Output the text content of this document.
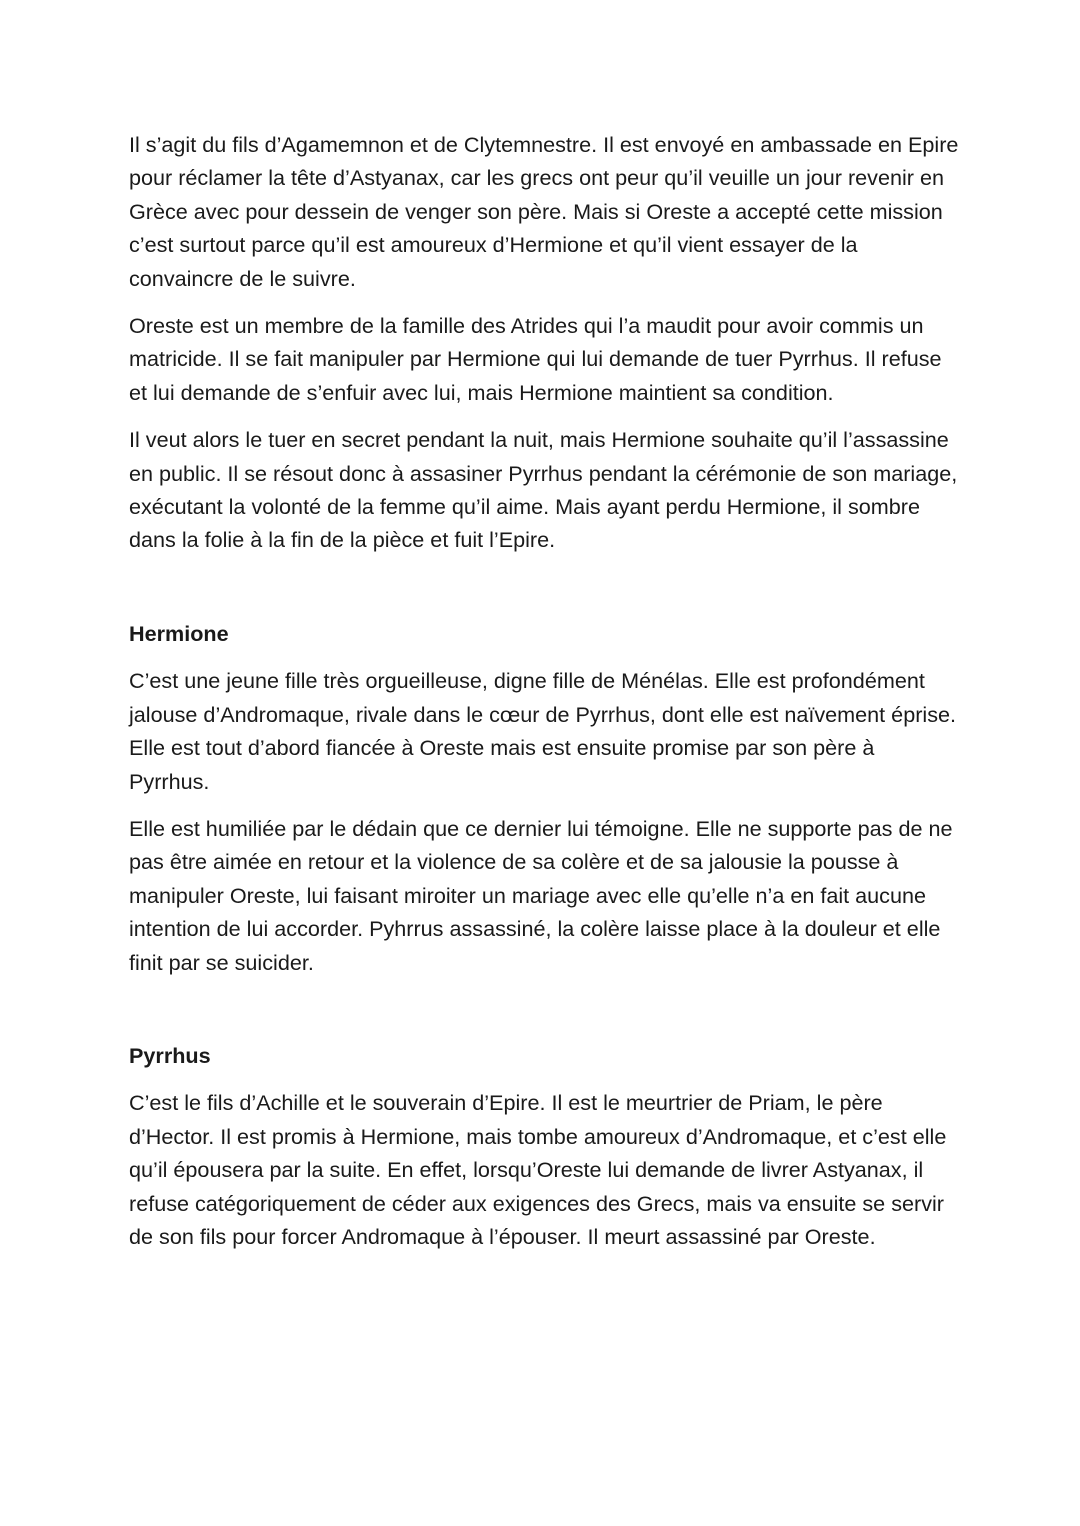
Il s’agit du fils d’Agamemnon et de Clytemnestre. Il est envoyé en ambassade en Epire pour réclamer la tête d’Astyanax, car les grecs ont peur qu’il veuille un jour revenir en Grèce avec pour dessein de venger son père. Mais si Oreste a accepté cette mission c’est surtout parce qu’il est amoureux d’Hermione et qu’il vient essayer de la convaincre de le suivre.

Oreste est un membre de la famille des Atrides qui l’a maudit pour avoir commis un matricide. Il se fait manipuler par Hermione qui lui demande de tuer Pyrrhus. Il refuse et lui demande de s’enfuir avec lui, mais Hermione maintient sa condition.

Il veut alors le tuer en secret pendant la nuit, mais Hermione souhaite qu’il l’assassine en public. Il se résout donc à assasiner Pyrrhus pendant la cérémonie de son mariage, exécutant la volonté de la femme qu’il aime. Mais ayant perdu Hermione, il sombre dans la folie à la fin de la pièce et fuit l’Epire.

Hermione

C’est une jeune fille très orgueilleuse, digne fille de Ménélas. Elle est profondément jalouse d’Andromaque, rivale dans le cœur de Pyrrhus, dont elle est naïvement éprise. Elle est tout d’abord fiancée à Oreste mais est ensuite promise par son père à Pyrrhus.

Elle est humiliée par le dédain que ce dernier lui témoigne. Elle ne supporte pas de ne pas être aimée en retour et la violence de sa colère et de sa jalousie la pousse à manipuler Oreste, lui faisant miroiter un mariage avec elle qu’elle n’a en fait aucune intention de lui accorder. Pyhrrus assassiné, la colère laisse place à la douleur et elle finit par se suicider.

Pyrrhus

C’est le fils d’Achille et le souverain d’Epire. Il est le meurtrier de Priam, le père d’Hector. Il est promis à Hermione, mais tombe amoureux d’Andromaque, et c’est elle qu’il épousera par la suite. En effet, lorsqu’Oreste lui demande de livrer Astyanax, il refuse catégoriquement de céder aux exigences des Grecs, mais va ensuite se servir de son fils pour forcer Andromaque à l’épouser. Il meurt assassiné par Oreste.
